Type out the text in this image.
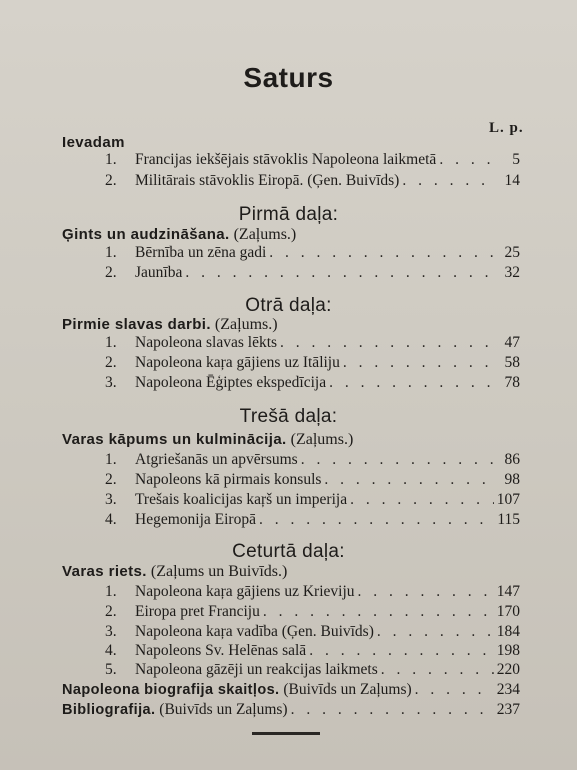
Saturs
L. p.
Ievadam
1.	Francijas iekšējais stāvoklis Napoleona laikmetā . . .	5
2.	Militārais stāvoklis Eiropā. (Ģen. Buivīds) . . .	14
Pirmā daļa:
Ģints un audzināšana. (Zaļums.)
1.	Bērnība un zēna gadi . . .	25
2.	Jaunība . . .	32
Otrā daļa:
Pirmie slavas darbi. (Zaļums.)
1.	Napoleona slavas lēkts . . .	47
2.	Napoleona kaŗa gājiens uz Itāliju . . .	58
3.	Napoleona Ēģiptes ekspedīcija . . .	78
Trešā daļa:
Varas kāpums un kulminācija. (Zaļums.)
1.	Atgriešanās un apvērsums . . .	86
2.	Napoleons kā pirmais konsuls . . .	98
3.	Trešais koalicijas kaŗš un imperija . . .	107
4.	Hegemonija Eiropā . . .	115
Ceturtā daļa:
Varas riets. (Zaļums un Buivīds.)
1.	Napoleona kaŗa gājiens uz Krieviju . . .	147
2.	Eiropa pret Franciju . . .	170
3.	Napoleona kaŗa vadība (Ģen. Buivīds) . . .	184
4.	Napoleons Sv. Helēnas salā . . .	198
5.	Napoleona gāzēji un reakcijas laikmets . . .	220
Napoleona biografija skaitļos. (Buivīds un Zaļums) . . .	234
Bibliografija. (Buivīds un Zaļums) . . .	237
